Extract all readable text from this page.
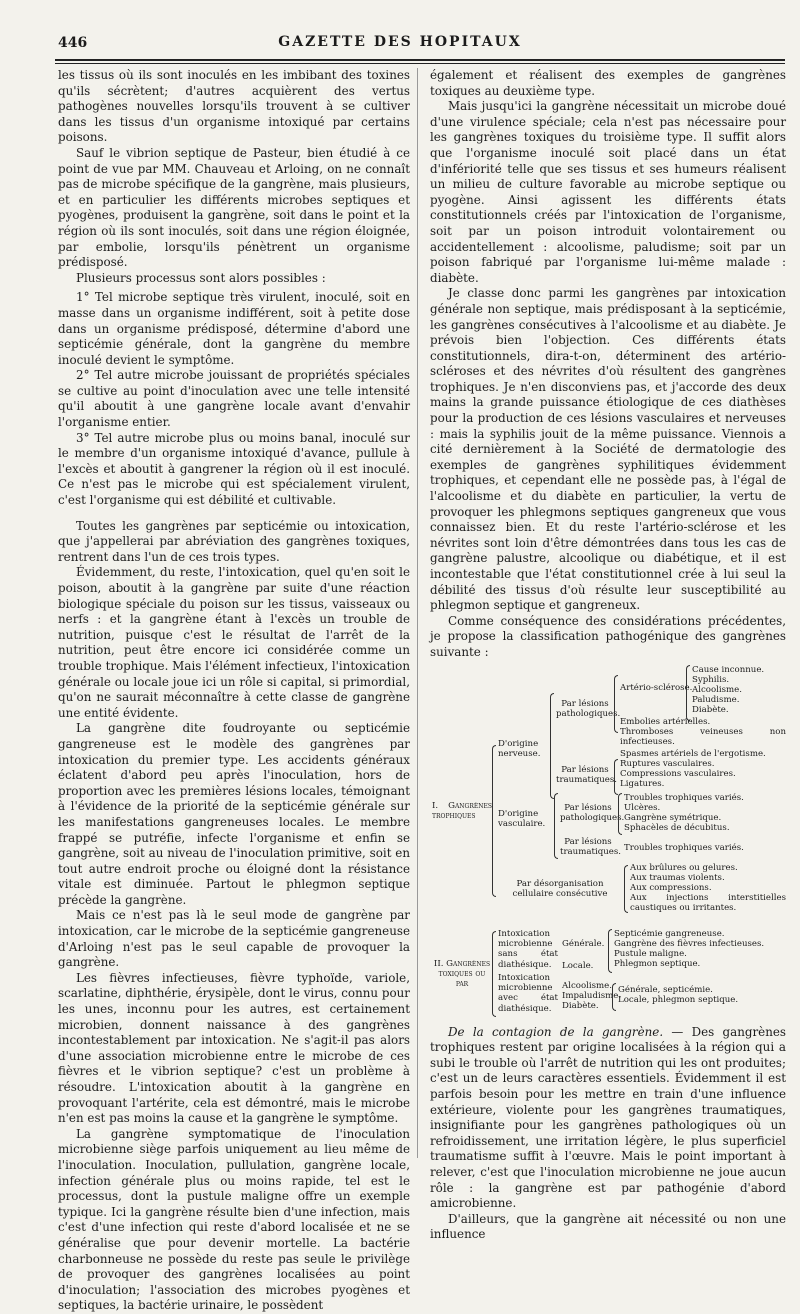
446	GAZETTE DES HOPITAUX

les tissus où ils sont inoculés en les imbibant des toxines qu'ils sécrètent; d'autres acquièrent des vertus pathogènes nouvelles lorsqu'ils trouvent à se cultiver dans les tissus d'un organisme intoxiqué par certains poisons.

Sauf le vibrion septique de Pasteur, bien étudié à ce point de vue par MM. Chauveau et Arloing, on ne connaît pas de microbe spécifique de la gangrène, mais plusieurs, et en particulier les différents microbes septiques et pyogènes, produisent la gangrène, soit dans le point et la région où ils sont inoculés, soit dans une région éloignée, par embolie, lorsqu'ils pénètrent un organisme prédisposé.

Plusieurs processus sont alors possibles :

1° Tel microbe septique très virulent, inoculé, soit en masse dans un organisme indifférent, soit à petite dose dans un organisme prédisposé, détermine d'abord une septicémie générale, dont la gangrène du membre inoculé devient le symptôme.

2° Tel autre microbe jouissant de propriétés spéciales se cultive au point d'inoculation avec une telle intensité qu'il aboutit à une gangrène locale avant d'envahir l'organisme entier.

3° Tel autre microbe plus ou moins banal, inoculé sur le membre d'un organisme intoxiqué d'avance, pullule à l'excès et aboutit à gangrener la région où il est inoculé. Ce n'est pas le microbe qui est spécialement virulent, c'est l'organisme qui est débilité et cultivable.

Toutes les gangrènes par septicémie ou intoxication, que j'appellerai par abréviation des gangrènes toxiques, rentrent dans l'un de ces trois types.

Évidemment, du reste, l'intoxication, quel qu'en soit le poison, aboutit à la gangrène par suite d'une réaction biologique spéciale du poison sur les tissus, vaisseaux ou nerfs : et la gangrène étant à l'excès un trouble de nutrition, puisque c'est le résultat de l'arrêt de la nutrition, peut être encore ici considérée comme un trouble trophique. Mais l'élément infectieux, l'intoxication générale ou locale joue ici un rôle si capital, si primordial, qu'on ne saurait méconnaître à cette classe de gangrène une entité évidente.

La gangrène dite foudroyante ou septicémie gangreneuse est le modèle des gangrènes par intoxication du premier type. Les accidents généraux éclatent d'abord peu après l'inoculation, hors de proportion avec les premières lésions locales, témoignant à l'évidence de la priorité de la septicémie générale sur les manifestations gangreneuses locales. Le membre frappé se putréfie, infecte l'organisme et enfin se gangrène, soit au niveau de l'inoculation primitive, soit en tout autre endroit proche ou éloigné dont la résistance vitale est diminuée. Partout le phlegmon septique précède la gangrène.

Mais ce n'est pas là le seul mode de gangrène par intoxication, car le microbe de la septicémie gangreneuse d'Arloing n'est pas le seul capable de provoquer la gangrène.

Les fièvres infectieuses, fièvre typhoïde, variole, scarlatine, diphthérie, érysipèle, dont le virus, connu pour les unes, inconnu pour les autres, est certainement microbien, donnent naissance à des gangrènes incontestablement par intoxication. Ne s'agit-il pas alors d'une association microbienne entre le microbe de ces fièvres et le vibrion septique? c'est un problème à résoudre. L'intoxication aboutit à la gangrène en provoquant l'artérite, cela est démontré, mais le microbe n'en est pas moins la cause et la gangrène le symptôme.

La gangrène symptomatique de l'inoculation microbienne siège parfois uniquement au lieu même de l'inoculation. Inoculation, pullulation, gangrène locale, infection générale plus ou moins rapide, tel est le processus, dont la pustule maligne offre un exemple typique. Ici la gangrène résulte bien d'une infection, mais c'est d'une infection qui reste d'abord localisée et ne se généralise que pour devenir mortelle. La bactérie charbonneuse ne possède du reste pas seule le privilège de provoquer des gangrènes localisées au point d'inoculation; l'association des microbes pyogènes et septiques, la bactérie urinaire, le possèdent

également et réalisent des exemples de gangrènes toxiques au deuxième type.

Mais jusqu'ici la gangrène nécessitait un microbe doué d'une virulence spéciale; cela n'est pas nécessaire pour les gangrènes toxiques du troisième type. Il suffit alors que l'organisme inoculé soit placé dans un état d'infériorité telle que ses tissus et ses humeurs réalisent un milieu de culture favorable au microbe septique ou pyogène. Ainsi agissent les différents états constitutionnels créés par l'intoxication de l'organisme, soit par un poison introduit volontairement ou accidentellement : alcoolisme, paludisme; soit par un poison fabriqué par l'organisme lui-même malade : diabète.

Je classe donc parmi les gangrènes par intoxication générale non septique, mais prédisposant à la septicémie, les gangrènes consécutives à l'alcoolisme et au diabète. Je prévois bien l'objection. Ces différents états constitutionnels, dira-t-on, déterminent des artério-scléroses et des névrites d'où résultent des gangrènes trophiques. Je n'en disconviens pas, et j'accorde des deux mains la grande puissance étiologique de ces diathèses pour la production de ces lésions vasculaires et nerveuses : mais la syphilis jouit de la même puissance. Viennois a cité dernièrement à la Société de dermatologie des exemples de gangrènes syphilitiques évidemment trophiques, et cependant elle ne possède pas, à l'égal de l'alcoolisme et du diabète en particulier, la vertu de provoquer les phlegmons septiques gangreneux que vous connaissez bien. Et du reste l'artério-sclérose et les névrites sont loin d'être démontrées dans tous les cas de gangrène palustre, alcoolique ou diabétique, et il est incontestable que l'état constitutionnel crée à lui seul la débilité des tissus d'où résulte leur susceptibilité au phlegmon septique et gangreneux.

Comme conséquence des considérations précédentes, je propose la classification pathogénique des gangrènes suivante :

I. Gangrènes trophiques
D'origine nerveuse.
Par lésions pathologiques.
Artério-sclérose.
Cause inconnue.
Syphilis.
Alcoolisme.
Paludisme.
Diabète.
Embolies artérielles.
Thromboses veineuses non infectieuses.
Spasmes artériels de l'ergotisme.
Par lésions traumatiques.
Ruptures vasculaires.
Compressions vasculaires.
Ligatures.
D'origine vasculaire.
Par lésions pathologiques.
Troubles trophiques variés.
Ulcères.
Gangrène symétrique.
Sphacèles de décubitus.
Par lésions traumatiques. Troubles trophiques variés.
Par désorganisation cellulaire consécutive
Aux brûlures ou gelures.
Aux traumas violents.
Aux compressions.
Aux injections interstitielles caustiques ou irritantes.
II. Gangrènes toxiques ou par
Intoxication microbienne sans état diathésique.
Générale.
Locale.
Septicémie gangreneuse.
Gangrène des fièvres infectieuses.
Pustule maligne.
Phlegmon septique.
Intoxication microbienne avec état diathésique.
Alcoolisme.
Impaludisme.
Diabète.
Générale, septicémie.
Locale, phlegmon septique.

De la contagion de la gangrène. — Des gangrènes trophiques restent par origine localisées à la région qui a subi le trouble où l'arrêt de nutrition qui les ont produites; c'est un de leurs caractères essentiels. Évidemment il est parfois besoin pour les mettre en train d'une influence extérieure, violente pour les gangrènes traumatiques, insignifiante pour les gangrènes pathologiques où un refroidissement, une irritation légère, le plus superficiel traumatisme suffit à l'œuvre. Mais le point important à relever, c'est que l'inoculation microbienne ne joue aucun rôle : la gangrène est par pathogénie d'abord amicrobienne.

D'ailleurs, que la gangrène ait nécessité ou non une influence
